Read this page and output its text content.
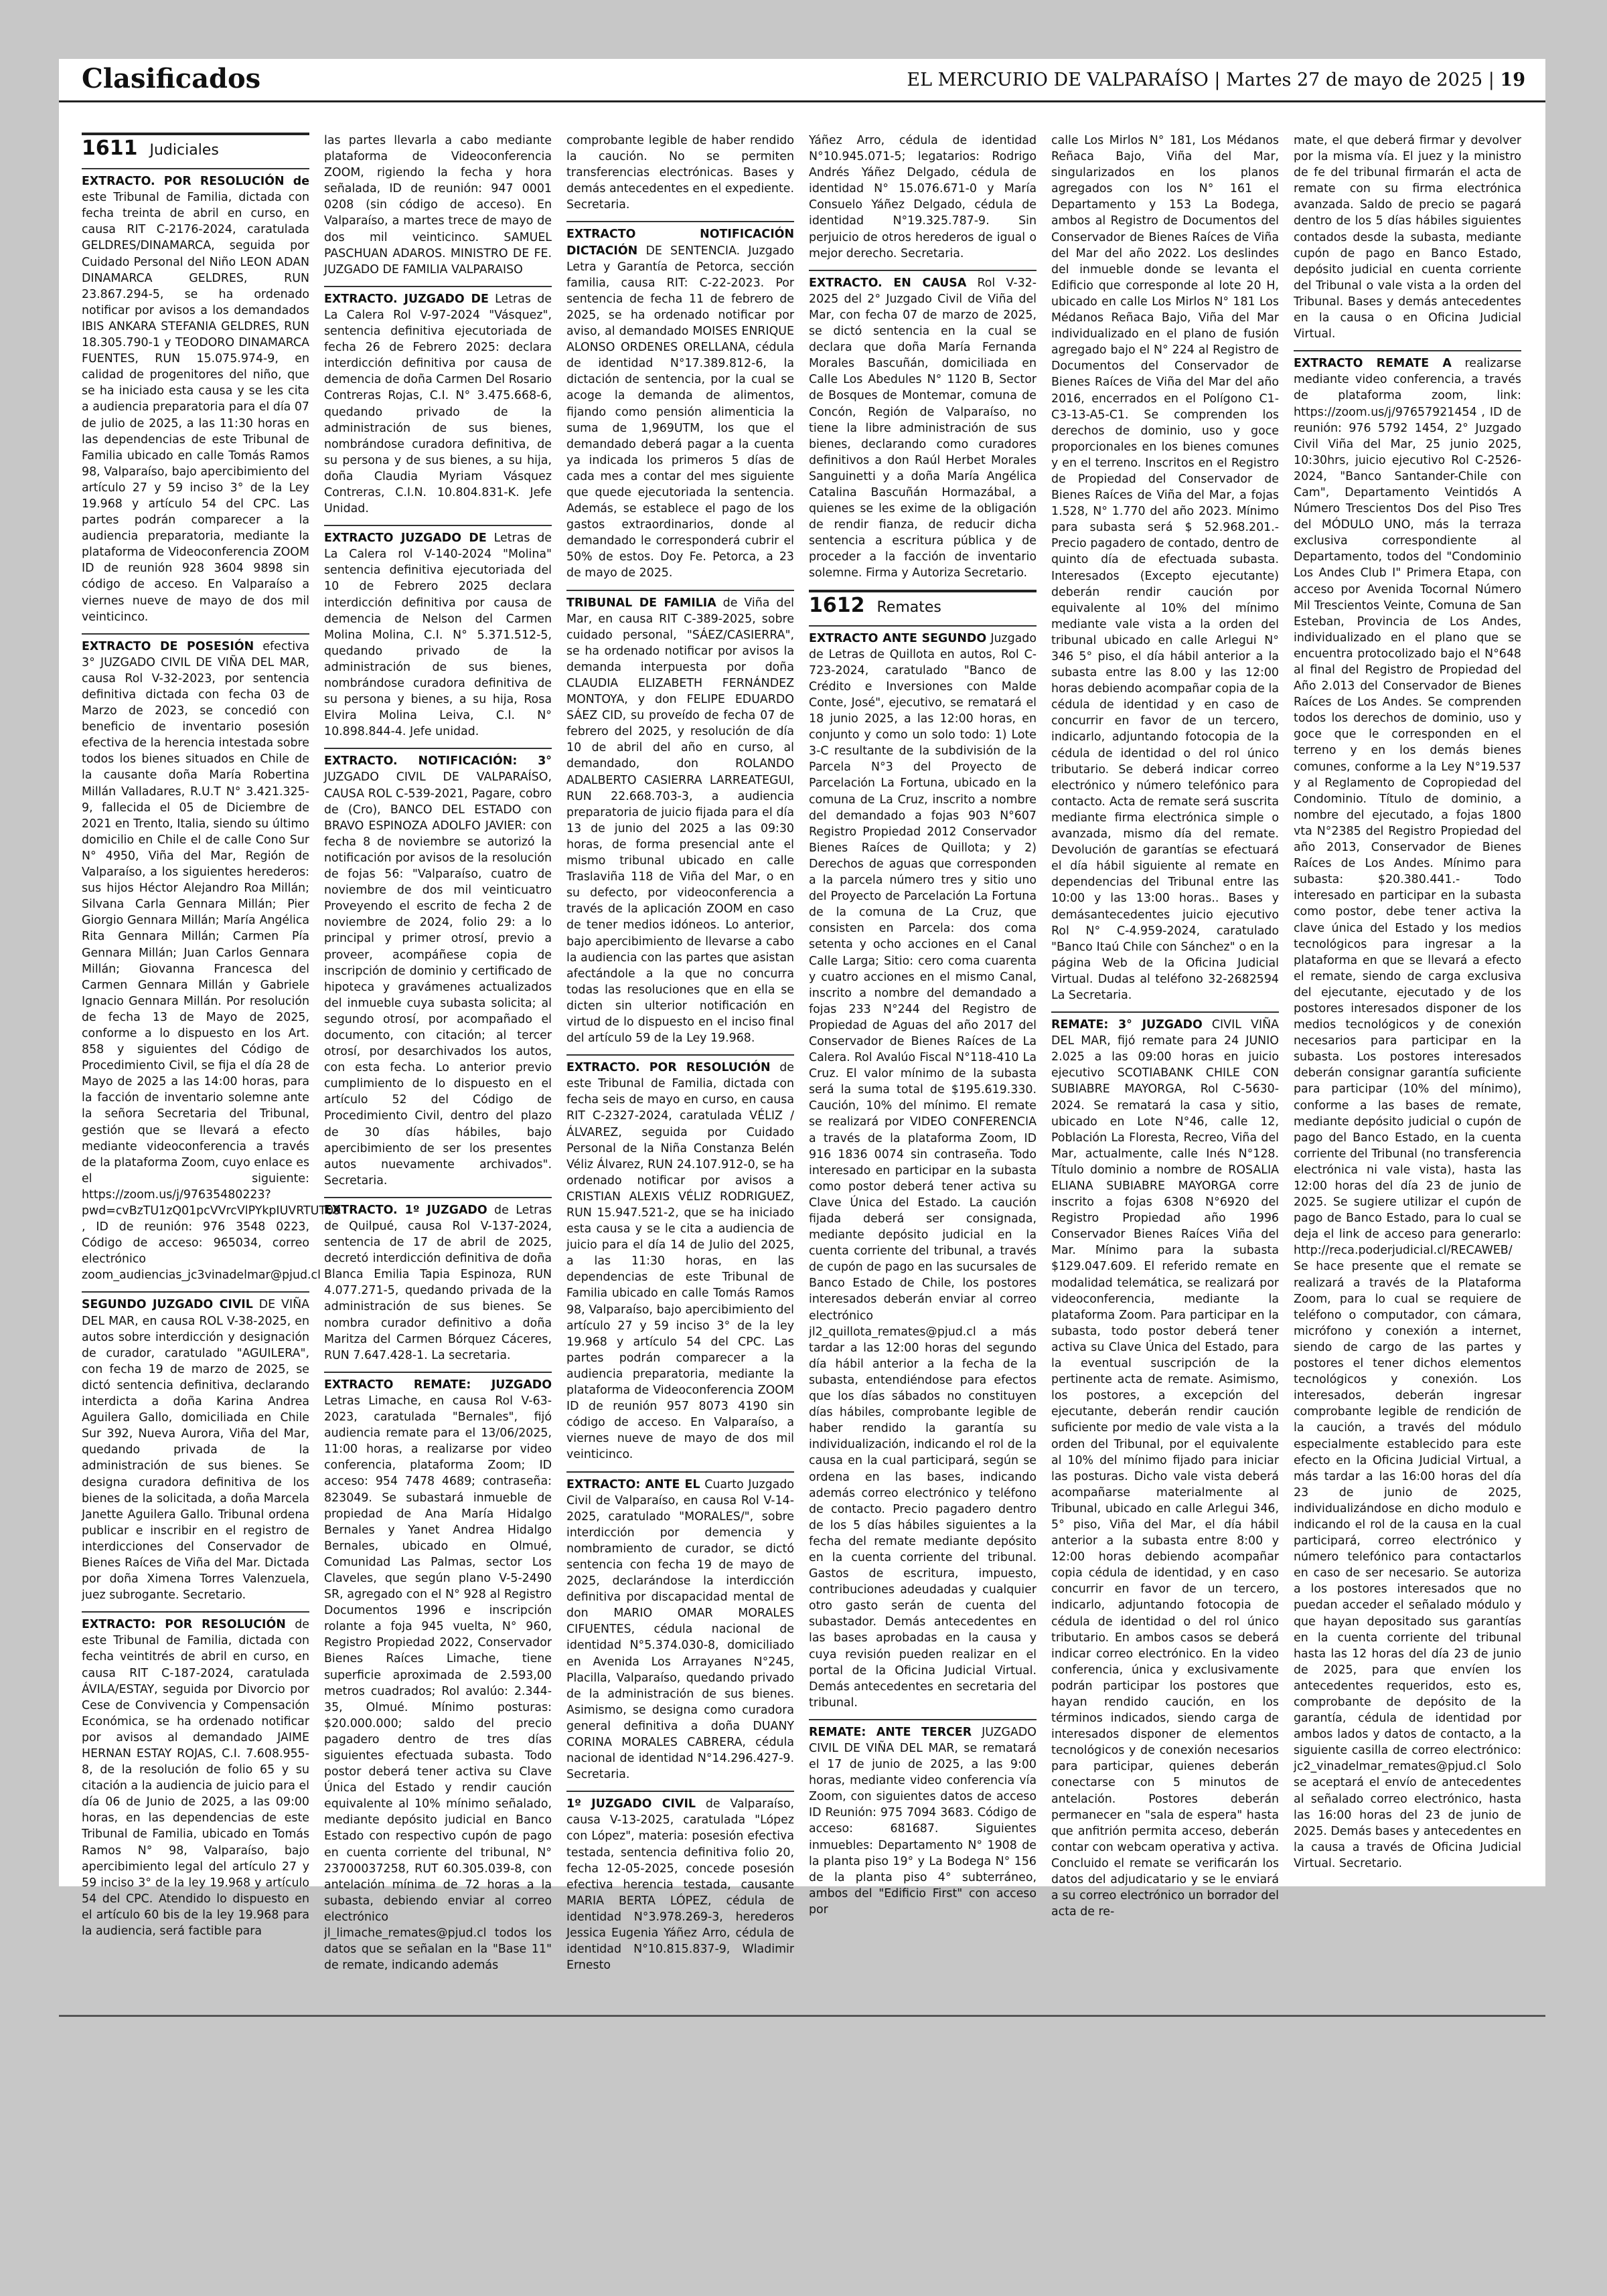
Clasificados	EL MERCURIO DE VALPARAÍSO | Martes 27 de mayo de 2025 | 19
1611 Judiciales

EXTRACTO. POR RESOLUCIÓN de este Tribunal de Familia, dictada con fecha treinta de abril en curso, en causa RIT C-2176-2024, caratulada GELDRES/DINAMARCA, seguida por Cuidado Personal del Niño LEON ADAN DINAMARCA GELDRES, RUN 23.867.294-5, se ha ordenado notificar por avisos a los demandados IBIS ANKARA STEFANIA GELDRES, RUN 18.305.790-1 y TEODORO DINAMARCA FUENTES, RUN 15.075.974-9, en calidad de progenitores del niño, que se ha iniciado esta causa y se les cita a audiencia preparatoria para el día 07 de julio de 2025, a las 11:30 horas en las dependencias de este Tribunal de Familia ubicado en calle Tomás Ramos 98, Valparaíso, bajo apercibimiento del artículo 27 y 59 inciso 3° de la Ley 19.968 y artículo 54 del CPC. Las partes podrán comparecer a la audiencia preparatoria, mediante la plataforma de Videoconferencia ZOOM ID de reunión 928 3604 9898 sin código de acceso. En Valparaíso a viernes nueve de mayo de dos mil veinticinco.

EXTRACTO DE POSESIÓN efectiva 3° JUZGADO CIVIL DE VIÑA DEL MAR, causa Rol V-32-2023, por sentencia definitiva dictada con fecha 03 de Marzo de 2023, se concedió con beneficio de inventario posesión efectiva de la herencia intestada sobre todos los bienes situados en Chile de la causante doña María Robertina Millán Valladares, R.U.T N° 3.421.325-9, fallecida el 05 de Diciembre de 2021 en Trento, Italia, siendo su último domicilio en Chile el de calle Cono Sur N° 4950, Viña del Mar, Región de Valparaíso, a los siguientes herederos: sus hijos Héctor Alejandro Roa Millán; Silvana Carla Gennara Millán; Pier Giorgio Gennara Millán; María Angélica Rita Gennara Millán; Carmen Pía Gennara Millán; Juan Carlos Gennara Millán; Giovanna Francesca del Carmen Gennara Millán y Gabriele Ignacio Gennara Millán. Por resolución de fecha 13 de Mayo de 2025, conforme a lo dispuesto en los Art. 858 y siguientes del Código de Procedimiento Civil, se fija el día 28 de Mayo de 2025 a las 14:00 horas, para la facción de inventario solemne ante la señora Secretaria del Tribunal, gestión que se llevará a efecto mediante videoconferencia a través de la plataforma Zoom, cuyo enlace es el siguiente: https://zoom.us/j/97635480223?pwd=cvBzTU1zQ01pcVVrcVlPYkpIUVRTUT09 , ID de reunión: 976 3548 0223, Código de acceso: 965034, correo electrónico zoom_audiencias_jc3vinadelmar@pjud.cl

SEGUNDO JUZGADO CIVIL DE VIÑA DEL MAR, en causa ROL V-38-2025, en autos sobre interdicción y designación de curador, caratulado "AGUILERA", con fecha 19 de marzo de 2025, se dictó sentencia definitiva, declarando interdicta a doña Karina Andrea Aguilera Gallo, domiciliada en Chile Sur 392, Nueva Aurora, Viña del Mar, quedando privada de la administración de sus bienes. Se designa curadora definitiva de los bienes de la solicitada, a doña Marcela Janette Aguilera Gallo. Tribunal ordena publicar e inscribir en el registro de interdicciones del Conservador de Bienes Raíces de Viña del Mar. Dictada por doña Ximena Torres Valenzuela, juez subrogante. Secretario.

EXTRACTO: POR RESOLUCIÓN de este Tribunal de Familia, dictada con fecha veintitrés de abril en curso, en causa RIT C-187-2024, caratulada ÁVILA/ESTAY, seguida por Divorcio por Cese de Convivencia y Compensación Económica, se ha ordenado notificar por avisos al demandado JAIME HERNAN ESTAY ROJAS, C.I. 7.608.955-8, de la resolución de folio 65 y su citación a la audiencia de juicio para el día 06 de Junio de 2025, a las 09:00 horas, en las dependencias de este Tribunal de Familia, ubicado en Tomás Ramos N° 98, Valparaíso, bajo apercibimiento legal del artículo 27 y 59 inciso 3° de la ley 19.968 y artículo 54 del CPC. Atendido lo dispuesto en el artículo 60 bis de la ley 19.968 para la audiencia, será factible para

las partes llevarla a cabo mediante plataforma de Videoconferencia ZOOM, rigiendo la fecha y hora señalada, ID de reunión: 947 0001 0208 (sin código de acceso). En Valparaíso, a martes trece de mayo de dos mil veinticinco. SAMUEL PASCHUAN ADAROS. MINISTRO DE FE. JUZGADO DE FAMILIA VALPARAISO

EXTRACTO. JUZGADO DE Letras de La Calera Rol V-97-2024 "Vásquez", sentencia definitiva ejecutoriada de fecha 26 de Febrero 2025: declara interdicción definitiva por causa de demencia de doña Carmen Del Rosario Contreras Rojas, C.I. N° 3.475.668-6, quedando privado de la administración de sus bienes, nombrándose curadora definitiva, de su persona y de sus bienes, a su hija, doña Claudia Myriam Vásquez Contreras, C.I.N. 10.804.831-K. Jefe Unidad.

EXTRACTO JUZGADO DE Letras de La Calera rol V-140-2024 "Molina" sentencia definitiva ejecutoriada del 10 de Febrero 2025 declara interdicción definitiva por causa de demencia de Nelson del Carmen Molina Molina, C.I. N° 5.371.512-5, quedando privado de la administración de sus bienes, nombrándose curadora definitiva de su persona y bienes, a su hija, Rosa Elvira Molina Leiva, C.I. N° 10.898.844-4. Jefe unidad.

EXTRACTO. NOTIFICACIÓN: 3° JUZGADO CIVIL DE VALPARAÍSO, CAUSA ROL C-539-2021, Pagare, cobro de (Cro), BANCO DEL ESTADO con BRAVO ESPINOZA ADOLFO JAVIER: con fecha 8 de noviembre se autorizó la notificación por avisos de la resolución de fojas 56: "Valparaíso, cuatro de noviembre de dos mil veinticuatro Proveyendo el escrito de fecha 2 de noviembre de 2024, folio 29: a lo principal y primer otrosí, previo a proveer, acompáñese copia de inscripción de dominio y certificado de hipoteca y gravámenes actualizados del inmueble cuya subasta solicita; al segundo otrosí, por acompañado el documento, con citación; al tercer otrosí, por desarchivados los autos, con esta fecha. Lo anterior previo cumplimiento de lo dispuesto en el artículo 52 del Código de Procedimiento Civil, dentro del plazo de 30 días hábiles, bajo apercibimiento de ser los presentes autos nuevamente archivados". Secretaria.

EXTRACTO. 1º JUZGADO de Letras de Quilpué, causa Rol V-137-2024, sentencia de 17 de abril de 2025, decretó interdicción definitiva de doña Blanca Emilia Tapia Espinoza, RUN 4.077.271-5, quedando privada de la administración de sus bienes. Se nombra curador definitivo a doña Maritza del Carmen Bórquez Cáceres, RUN 7.647.428-1. La secretaria.

EXTRACTO REMATE: JUZGADO Letras Limache, en causa Rol V-63-2023, caratulada "Bernales", fijó audiencia remate para el 13/06/2025, 11:00 horas, a realizarse por video conferencia, plataforma Zoom; ID acceso: 954 7478 4689; contraseña: 823049. Se subastará inmueble de propiedad de Ana María Hidalgo Bernales y Yanet Andrea Hidalgo Bernales, ubicado en Olmué, Comunidad Las Palmas, sector Los Claveles, que según plano V-5-2490 SR, agregado con el N° 928 al Registro Documentos 1996 e inscripción rolante a foja 945 vuelta, N° 960, Registro Propiedad 2022, Conservador Bienes Raíces Limache, tiene superficie aproximada de 2.593,00 metros cuadrados; Rol avalúo: 2.344-35, Olmué. Mínimo posturas: $20.000.000; saldo del precio pagadero dentro de tres días siguientes efectuada subasta. Todo postor deberá tener activa su Clave Única del Estado y rendir caución equivalente al 10% mínimo señalado, mediante depósito judicial en Banco Estado con respectivo cupón de pago en cuenta corriente del tribunal, N° 23700037258, RUT 60.305.039-8, con antelación mínima de 72 horas a la subasta, debiendo enviar al correo electrónico jl_limache_remates@pjud.cl todos los datos que se señalan en la "Base 11" de remate, indicando además

comprobante legible de haber rendido la caución. No se permiten transferencias electrónicas. Bases y demás antecedentes en el expediente. Secretaria.

EXTRACTO NOTIFICACIÓN DICTACIÓN DE SENTENCIA. Juzgado Letra y Garantía de Petorca, sección familia, causa RIT: C-22-2023. Por sentencia de fecha 11 de febrero de 2025, se ha ordenado notificar por aviso, al demandado MOISES ENRIQUE ALONSO ORDENES ORELLANA, cédula de identidad N°17.389.812-6, la dictación de sentencia, por la cual se acoge la demanda de alimentos, fijando como pensión alimenticia la suma de 1,969UTM, los que el demandado deberá pagar a la cuenta ya indicada los primeros 5 días de cada mes a contar del mes siguiente que quede ejecutoriada la sentencia. Además, se establece el pago de los gastos extraordinarios, donde al demandado le corresponderá cubrir el 50% de estos. Doy Fe. Petorca, a 23 de mayo de 2025.

TRIBUNAL DE FAMILIA de Viña del Mar, en causa RIT C-389-2025, sobre cuidado personal, "SÁEZ/CASIERRA", se ha ordenado notificar por avisos la demanda interpuesta por doña CLAUDIA ELIZABETH FERNÁNDEZ MONTOYA, y don FELIPE EDUARDO SÁEZ CID, su proveído de fecha 07 de febrero del 2025, y resolución de día 10 de abril del año en curso, al demandado, don ROLANDO ADALBERTO CASIERRA LARREATEGUI, RUN 22.668.703-3, a audiencia preparatoria de juicio fijada para el día 13 de junio del 2025 a las 09:30 horas, de forma presencial ante el mismo tribunal ubicado en calle Traslaviña 118 de Viña del Mar, o en su defecto, por videoconferencia a través de la aplicación ZOOM en caso de tener medios idóneos. Lo anterior, bajo apercibimiento de llevarse a cabo la audiencia con las partes que asistan afectándole a la que no concurra todas las resoluciones que en ella se dicten sin ulterior notificación en virtud de lo dispuesto en el inciso final del artículo 59 de la Ley 19.968.

EXTRACTO. POR RESOLUCIÓN de este Tribunal de Familia, dictada con fecha seis de mayo en curso, en causa RIT C-2327-2024, caratulada VÉLIZ / ÁLVAREZ, seguida por Cuidado Personal de la Niña Constanza Belén Véliz Álvarez, RUN 24.107.912-0, se ha ordenado notificar por avisos a CRISTIAN ALEXIS VÉLIZ RODRIGUEZ, RUN 15.947.521-2, que se ha iniciado esta causa y se le cita a audiencia de juicio para el día 14 de Julio del 2025, a las 11:30 horas, en las dependencias de este Tribunal de Familia ubicado en calle Tomás Ramos 98, Valparaíso, bajo apercibimiento del artículo 27 y 59 inciso 3° de la ley 19.968 y artículo 54 del CPC. Las partes podrán comparecer a la audiencia preparatoria, mediante la plataforma de Videoconferencia ZOOM ID de reunión 957 8073 4190 sin código de acceso. En Valparaíso, a viernes nueve de mayo de dos mil veinticinco.

EXTRACTO: ANTE EL Cuarto Juzgado Civil de Valparaíso, en causa Rol V-14-2025, caratulado "MORALES/", sobre interdicción por demencia y nombramiento de curador, se dictó sentencia con fecha 19 de mayo de 2025, declarándose la interdicción definitiva por discapacidad mental de don MARIO OMAR MORALES CIFUENTES, cédula nacional de identidad N°5.374.030-8, domiciliado en Avenida Los Arrayanes N°245, Placilla, Valparaíso, quedando privado de la administración de sus bienes. Asimismo, se designa como curadora general definitiva a doña DUANY CORINA MORALES CABRERA, cédula nacional de identidad N°14.296.427-9. Secretaria.

1º JUZGADO CIVIL de Valparaíso, causa V-13-2025, caratulada "López con López", materia: posesión efectiva testada, sentencia definitiva folio 20, fecha 12-05-2025, concede posesión efectiva herencia testada, causante MARIA BERTA LÓPEZ, cédula de identidad N°3.978.269-3, herederos Jessica Eugenia Yáñez Arro, cédula de identidad N°10.815.837-9, Wladimir Ernesto

Yáñez Arro, cédula de identidad N°10.945.071-5; legatarios: Rodrigo Andrés Yáñez Delgado, cédula de identidad N° 15.076.671-0 y María Consuelo Yáñez Delgado, cédula de identidad N°19.325.787-9. Sin perjuicio de otros herederos de igual o mejor derecho. Secretaria.

EXTRACTO. EN CAUSA Rol V-32-2025 del 2° Juzgado Civil de Viña del Mar, con fecha 07 de marzo de 2025, se dictó sentencia en la cual se declara que doña María Fernanda Morales Bascuñán, domiciliada en Calle Los Abedules N° 1120 B, Sector de Bosques de Montemar, comuna de Concón, Región de Valparaíso, no tiene la libre administración de sus bienes, declarando como curadores definitivos a don Raúl Herbet Morales Sanguinetti y a doña María Angélica Catalina Bascuñán Hormazábal, a quienes se les exime de la obligación de rendir fianza, de reducir dicha sentencia a escritura pública y de proceder a la facción de inventario solemne. Firma y Autoriza Secretario.

1612 Remates

EXTRACTO ANTE SEGUNDO Juzgado de Letras de Quillota en autos, Rol C-723-2024, caratulado "Banco de Crédito e Inversiones con Malde Conte, José", ejecutivo, se rematará el 18 junio 2025, a las 12:00 horas, en conjunto y como un solo todo: 1) Lote 3-C resultante de la subdivisión de la Parcela N°3 del Proyecto de Parcelación La Fortuna, ubicado en la comuna de La Cruz, inscrito a nombre del demandado a fojas 903 N°607 Registro Propiedad 2012 Conservador Bienes Raíces de Quillota; y 2) Derechos de aguas que corresponden a la parcela número tres y sitio uno del Proyecto de Parcelación La Fortuna de la comuna de La Cruz, que consisten en Parcela: dos coma setenta y ocho acciones en el Canal Calle Larga; Sitio: cero coma cuarenta y cuatro acciones en el mismo Canal, inscrito a nombre del demandado a fojas 233 N°244 del Registro de Propiedad de Aguas del año 2017 del Conservador de Bienes Raíces de La Calera. Rol Avalúo Fiscal N°118-410 La Cruz. El valor mínimo de la subasta será la suma total de $195.619.330. Caución, 10% del mínimo. El remate se realizará por VIDEO CONFERENCIA a través de la plataforma Zoom, ID 916 1836 0074 sin contraseña. Todo interesado en participar en la subasta como postor deberá tener activa su Clave Única del Estado. La caución fijada deberá ser consignada, mediante depósito judicial en la cuenta corriente del tribunal, a través de cupón de pago en las sucursales de Banco Estado de Chile, los postores interesados deberán enviar al correo electrónico jl2_quillota_remates@pjud.cl a más tardar a las 12:00 horas del segundo día hábil anterior a la fecha de la subasta, entendiéndose para efectos que los días sábados no constituyen días hábiles, comprobante legible de haber rendido la garantía su individualización, indicando el rol de la causa en la cual participará, según se ordena en las bases, indicando además correo electrónico y teléfono de contacto. Precio pagadero dentro de los 5 días hábiles siguientes a la fecha del remate mediante depósito en la cuenta corriente del tribunal. Gastos de escritura, impuesto, contribuciones adeudadas y cualquier otro gasto serán de cuenta del subastador. Demás antecedentes en las bases aprobadas en la causa y cuya revisión pueden realizar en el portal de la Oficina Judicial Virtual. Demás antecedentes en secretaria del tribunal.

REMATE: ANTE TERCER JUZGADO CIVIL DE VIÑA DEL MAR, se rematará el 17 de junio de 2025, a las 9:00 horas, mediante video conferencia vía Zoom, con siguientes datos de acceso ID Reunión: 975 7094 3683. Código de acceso: 681687. Siguientes inmuebles: Departamento N° 1908 de la planta piso 19° y La Bodega N° 156 de la planta piso 4° subterráneo, ambos del "Edificio First" con acceso por

calle Los Mirlos N° 181, Los Médanos Reñaca Bajo, Viña del Mar, singularizados en los planos agregados con los N° 161 el Departamento y 153 La Bodega, ambos al Registro de Documentos del Conservador de Bienes Raíces de Viña del Mar del año 2022. Los deslindes del inmueble donde se levanta el Edificio que corresponde al lote 20 H, ubicado en calle Los Mirlos N° 181 Los Médanos Reñaca Bajo, Viña del Mar individualizado en el plano de fusión agregado bajo el N° 224 al Registro de Documentos del Conservador de Bienes Raíces de Viña del Mar del año 2016, encerrados en el Polígono C1-C3-13-A5-C1. Se comprenden los derechos de dominio, uso y goce proporcionales en los bienes comunes y en el terreno. Inscritos en el Registro de Propiedad del Conservador de Bienes Raíces de Viña del Mar, a fojas 1.528, N° 1.770 del año 2023. Mínimo para subasta será $ 52.968.201.- Precio pagadero de contado, dentro de quinto día de efectuada subasta. Interesados (Excepto ejecutante) deberán rendir caución por equivalente al 10% del mínimo mediante vale vista a la orden del tribunal ubicado en calle Arlegui N° 346 5° piso, el día hábil anterior a la subasta entre las 8.00 y las 12:00 horas debiendo acompañar copia de la cédula de identidad y en caso de concurrir en favor de un tercero, indicarlo, adjuntando fotocopia de la cédula de identidad o del rol único tributario. Se deberá indicar correo electrónico y número telefónico para contacto. Acta de remate será suscrita mediante firma electrónica simple o avanzada, mismo día del remate. Devolución de garantías se efectuará el día hábil siguiente al remate en dependencias del Tribunal entre las 10:00 y las 13:00 horas.. Bases y demásantecedentes juicio ejecutivo Rol N° C-4.959-2024, caratulado "Banco Itaú Chile con Sánchez" o en la página Web de la Oficina Judicial Virtual. Dudas al teléfono 32-2682594 La Secretaria.

REMATE: 3° JUZGADO CIVIL VIÑA DEL MAR, fijó remate para 24 JUNIO 2.025 a las 09:00 horas en juicio ejecutivo SCOTIABANK CHILE CON SUBIABRE MAYORGA, Rol C-5630-2024. Se rematará la casa y sitio, ubicado en Lote N°46, calle 12, Población La Floresta, Recreo, Viña del Mar, actualmente, calle Inés N°128. Título dominio a nombre de ROSALIA ELIANA SUBIABRE MAYORGA corre inscrito a fojas 6308 N°6920 del Registro Propiedad año 1996 Conservador Bienes Raíces Viña del Mar. Mínimo para la subasta $129.047.609. El referido remate en modalidad telemática, se realizará por videoconferencia, mediante la plataforma Zoom. Para participar en la subasta, todo postor deberá tener activa su Clave Única del Estado, para la eventual suscripción de la pertinente acta de remate. Asimismo, los postores, a excepción del ejecutante, deberán rendir caución suficiente por medio de vale vista a la orden del Tribunal, por el equivalente al 10% del mínimo fijado para iniciar las posturas. Dicho vale vista deberá acompañarse materialmente al Tribunal, ubicado en calle Arlegui 346, 5° piso, Viña del Mar, el día hábil anterior a la subasta entre 8:00 y 12:00 horas debiendo acompañar copia cédula de identidad, y en caso concurrir en favor de un tercero, indicarlo, adjuntando fotocopia de cédula de identidad o del rol único tributario. En ambos casos se deberá indicar correo electrónico. En la video conferencia, única y exclusivamente podrán participar los postores que hayan rendido caución, en los términos indicados, siendo carga de interesados disponer de elementos tecnológicos y de conexión necesarios para participar, quienes deberán conectarse con 5 minutos de antelación. Postores deberán permanecer en "sala de espera" hasta que anfitrión permita acceso, deberán contar con webcam operativa y activa. Concluido el remate se verificarán los datos del adjudicatario y se le enviará a su correo electrónico un borrador del acta de re-

mate, el que deberá firmar y devolver por la misma vía. El juez y la ministro de fe del tribunal firmarán el acta de remate con su firma electrónica avanzada. Saldo de precio se pagará dentro de los 5 días hábiles siguientes contados desde la subasta, mediante cupón de pago en Banco Estado, depósito judicial en cuenta corriente del Tribunal o vale vista a la orden del Tribunal. Bases y demás antecedentes en la causa o en Oficina Judicial Virtual.

EXTRACTO REMATE A realizarse mediante video conferencia, a través de plataforma zoom, link: https://zoom.us/j/97657921454 , ID de reunión: 976 5792 1454, 2° Juzgado Civil Viña del Mar, 25 junio 2025, 10:30hrs, juicio ejecutivo Rol C-2526-2024, "Banco Santander-Chile con Cam", Departamento Veintidós A Número Trescientos Dos del Piso Tres del MÓDULO UNO, más la terraza exclusiva correspondiente al Departamento, todos del "Condominio Los Andes Club I" Primera Etapa, con acceso por Avenida Tocornal Número Mil Trescientos Veinte, Comuna de San Esteban, Provincia de Los Andes, individualizado en el plano que se encuentra protocolizado bajo el N°648 al final del Registro de Propiedad del Año 2.013 del Conservador de Bienes Raíces de Los Andes. Se comprenden todos los derechos de dominio, uso y goce que le corresponden en el terreno y en los demás bienes comunes, conforme a la Ley N°19.537 y al Reglamento de Copropiedad del Condominio. Título de dominio, a nombre del ejecutado, a fojas 1800 vta N°2385 del Registro Propiedad del año 2013, Conservador de Bienes Raíces de Los Andes. Mínimo para subasta: $20.380.441.- Todo interesado en participar en la subasta como postor, debe tener activa la clave única del Estado y los medios tecnológicos para ingresar a la plataforma en que se llevará a efecto el remate, siendo de carga exclusiva del ejecutante, ejecutado y de los postores interesados disponer de los medios tecnológicos y de conexión necesarios para participar en la subasta. Los postores interesados deberán consignar garantía suficiente para participar (10% del mínimo), conforme a las bases de remate, mediante depósito judicial o cupón de pago del Banco Estado, en la cuenta corriente del Tribunal (no transferencia electrónica ni vale vista), hasta las 12:00 horas del día 23 de junio de 2025. Se sugiere utilizar el cupón de pago de Banco Estado, para lo cual se deja el link de acceso para generarlo: http://reca.poderjudicial.cl/RECAWEB/ Se hace presente que el remate se realizará a través de la Plataforma Zoom, para lo cual se requiere de teléfono o computador, con cámara, micrófono y conexión a internet, siendo de cargo de las partes y postores el tener dichos elementos tecnológicos y conexión. Los interesados, deberán ingresar comprobante legible de rendición de la caución, a través del módulo especialmente establecido para este efecto en la Oficina Judicial Virtual, a más tardar a las 16:00 horas del día 23 de junio de 2025, individualizándose en dicho modulo e indicando el rol de la causa en la cual participará, correo electrónico y número telefónico para contactarlos en caso de ser necesario. Se autoriza a los postores interesados que no puedan acceder el señalado módulo y que hayan depositado sus garantías en la cuenta corriente del tribunal hasta las 12 horas del día 23 de junio de 2025, para que envíen los antecedentes requeridos, esto es, comprobante de depósito de la garantía, cédula de identidad por ambos lados y datos de contacto, a la siguiente casilla de correo electrónico: jc2_vinadelmar_remates@pjud.cl Solo se aceptará el envío de antecedentes al señalado correo electrónico, hasta las 16:00 horas del 23 de junio de 2025. Demás bases y antecedentes en la causa a través de Oficina Judicial Virtual. Secretario.
